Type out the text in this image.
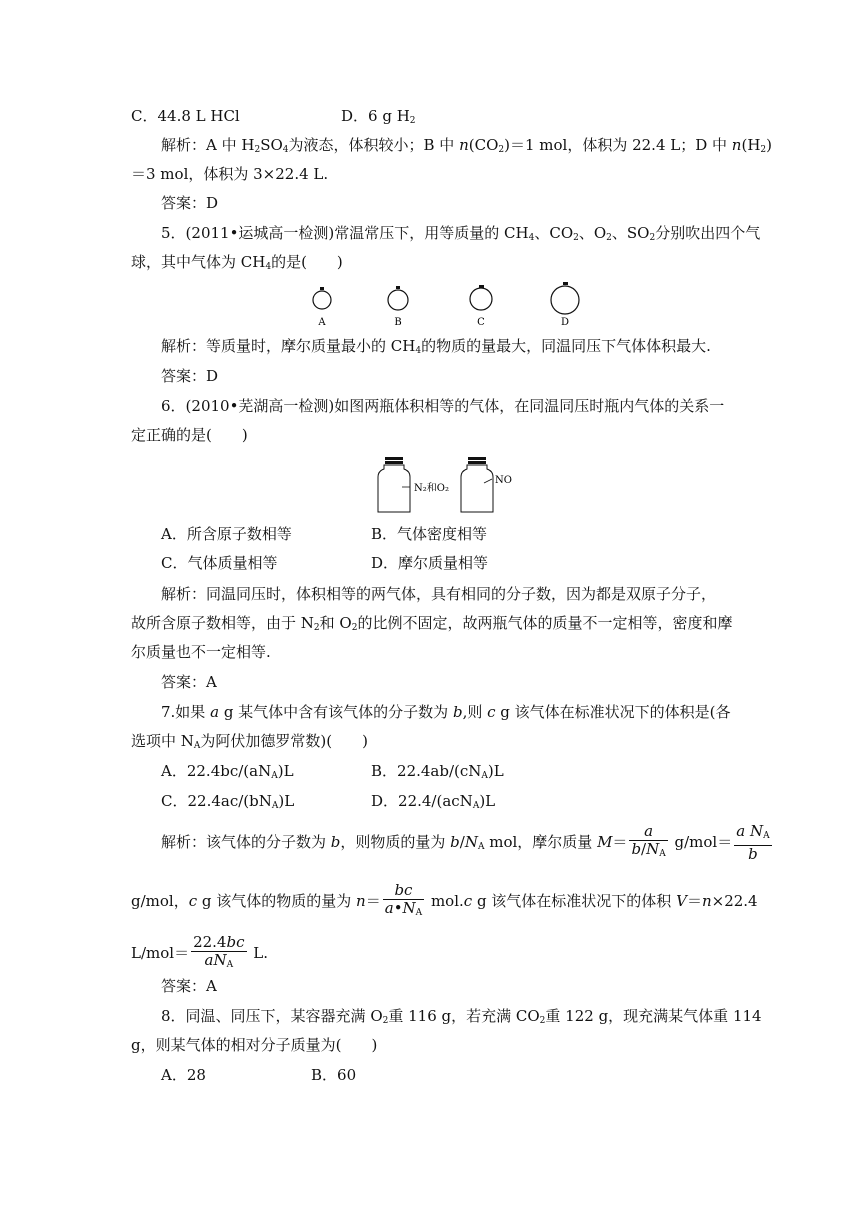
C．44.8 L HCl	D．6 g $H_2$
解析：A 中 $H_2SO_4$为液态，体积较小；B 中 $n(CO_2)=1$ mol，体积为 22.4 L；D 中 $n(H_2)$
＝3 mol，体积为 3×22.4 L.
答案：D
5．(2011•运城高一检测)常温常压下，用等质量的 $CH_4$、$CO_2$、$O_2$、$SO_2$分别吹出四个气
球，其中气体为 $CH_4$的是(　　)
A	B	C	D
解析：等质量时，摩尔质量最小的 $CH_4$的物质的量最大，同温同压下气体体积最大.
答案：D
6．(2010•芜湖高一检测)如图两瓶体积相等的气体，在同温同压时瓶内气体的关系一
定正确的是(　　)
N₂和O₂
NO
A．所含原子数相等	B．气体密度相等
C．气体质量相等	D．摩尔质量相等
解析：同温同压时，体积相等的两气体，具有相同的分子数，因为都是双原子分子，
故所含原子数相等，由于 $N_2$和 $O_2$的比例不固定，故两瓶气体的质量不一定相等，密度和摩
尔质量也不一定相等.
答案：A
7.如果 a g 某气体中含有该气体的分子数为 b,则 c g 该气体在标准状况下的体积是(各
选项中 $N_A$为阿伏加德罗常数)(　　)
A．$22.4bc/(aN_A)L$	B．$22.4ab/(cN_A)L$
C．$22.4ac/(bN_A)L$	D．22.4/(acN$_A$)L
解析：该气体的分子数为 b，则物质的量为 $b/N_A$ mol，摩尔质量 $M= \frac{a}{b/N_A} g/mol= \frac{a N_A}{b}$
g/mol，c g 该气体的物质的量为 $n= \frac{bc}{a•N_A} mol.c$ g 该气体在标准状况下的体积 V＝n×22.4
$L/mol= \frac{22.4bc}{aN_A} L$.
答案：A
8．同温、同压下，某容器充满 $O_2$重 116 g，若充满 $CO_2$重 122 g，现充满某气体重 114
g，则某气体的相对分子质量为(　　)
A．28	B．60
